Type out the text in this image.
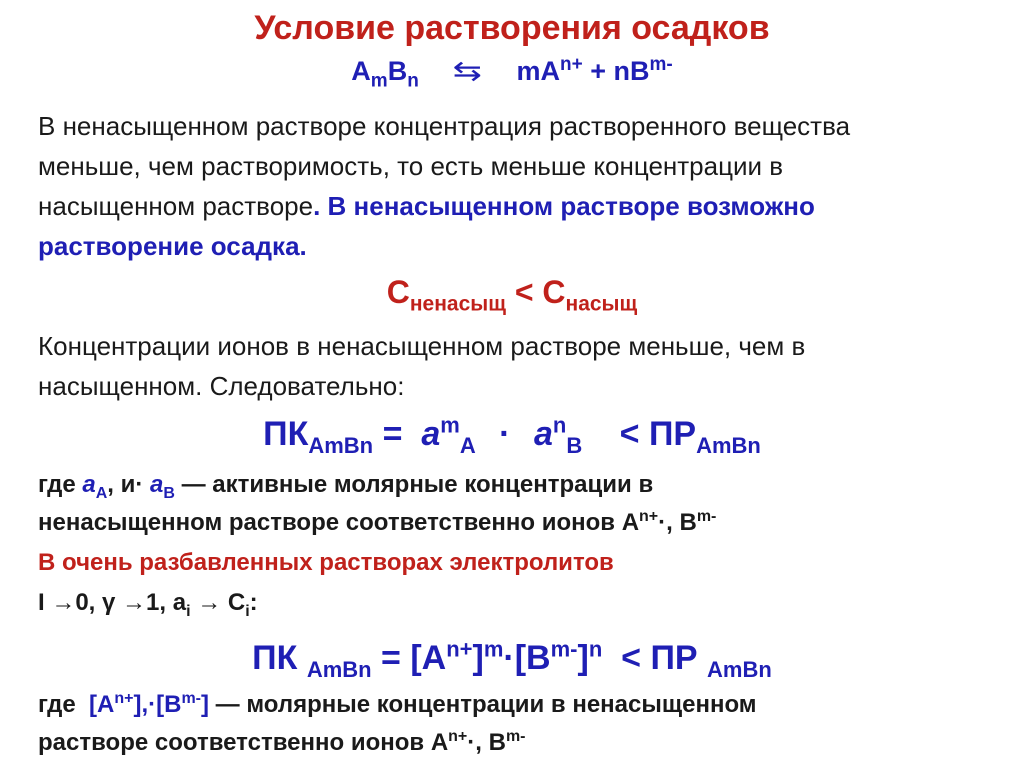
Условие растворения осадков
$A_mB_n$ ⇆ $mA^{n+} + nB^{m-}$
В ненасыщенном растворе концентрация растворенного вещества
меньше, чем растворимость, то есть меньше концентрации в
насыщенном растворе. В ненасыщенном растворе возможно
растворение осадка.
$C_{ненасыщ} < C_{насыщ}$
Концентрации ионов в ненасыщенном растворе меньше, чем в
насыщенном. Следовательно:
$ПК_{AmBn} = a^m_A \cdot a^n_B < ПР_{AmBn}$
где $a_A$, $и\cdot a_B$ — активные молярные концентрации в
ненасыщенном растворе соответственно ионов $A^{n+}\cdot$, $B^{m-}$
В очень разбавленных растворах электролитов
I →0, γ →1, $a_i \to C_i$:
ПК $_{AmBn} = [A^{n+}]^m\cdot[B^{m-}]^n$  < ПР $_{AmBn}$
где  $[A^{n+}],\cdot[B^{m-}]$ — молярные концентрации в ненасыщенном
растворе соответственно ионов $A^{n+}\cdot$, $B^{m-}$
